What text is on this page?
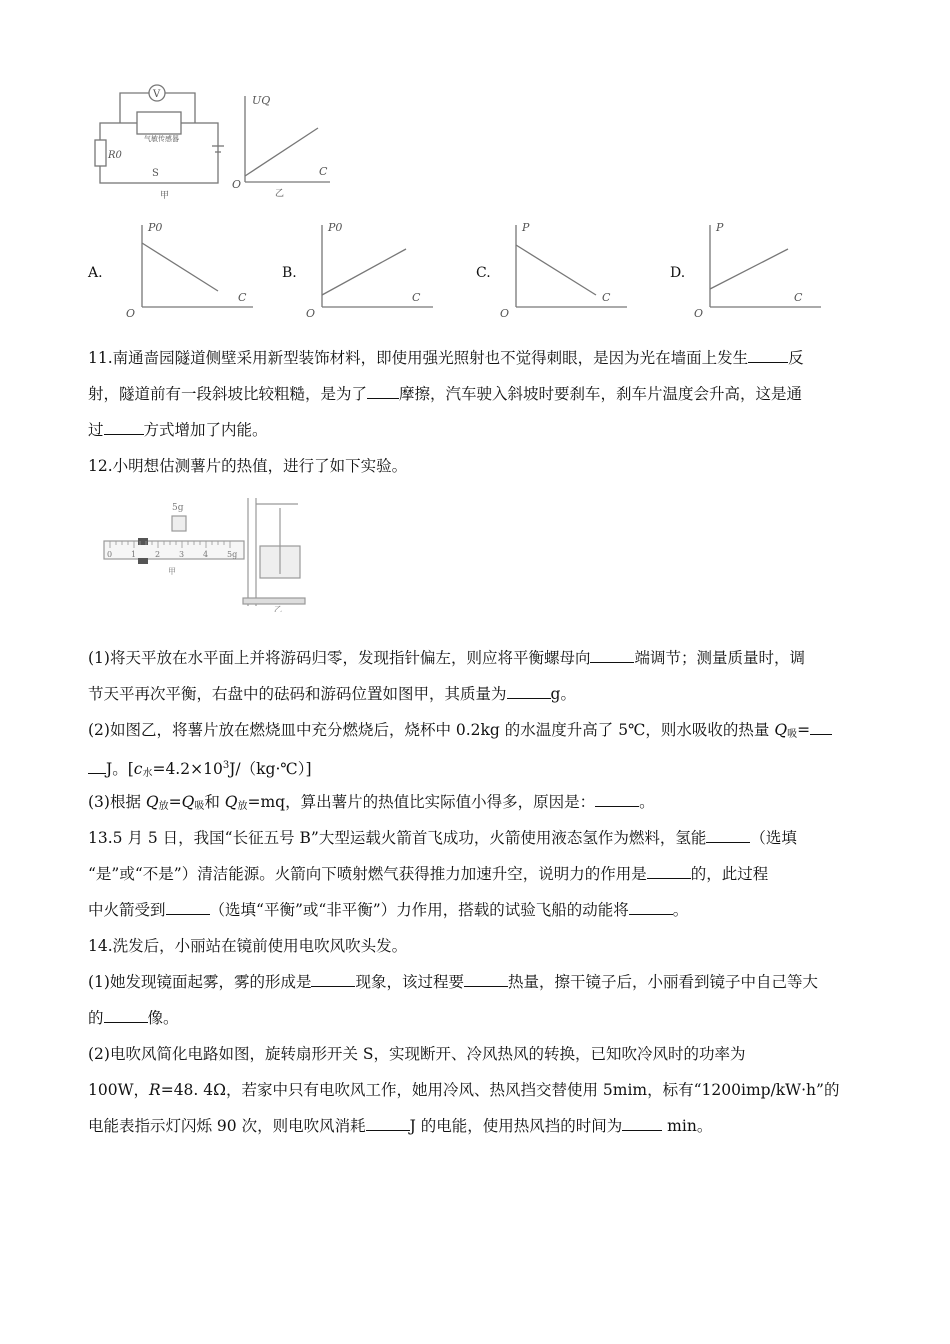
V
气敏传感器
R0
S
甲
UQ
C
O
乙
A.
P0
C
O
B.
P0
C
O
C.
P
C
O
D.
P
C
O
11.南通啬园隧道侧壁采用新型装饰材料，即使用强光照射也不觉得刺眼，是因为光在墙面上发生	反
射，隧道前有一段斜坡比较粗糙，是为了 摩擦，汽车驶入斜坡时要刹车，刹车片温度会升高，这是通
过	方式增加了内能。
12.小明想估测薯片的热值，进行了如下实验。
5g
0 1 2 3 4 5g
甲
乙
(1)将天平放在水平面上并将游码归零，发现指针偏左，则应将平衡螺母向	端调节；测量质量时，调
节天平再次平衡，右盘中的砝码和游码位置如图甲，其质量为	g。
(2)如图乙，将薯片放在燃烧皿中充分燃烧后，烧杯中 0.2kg 的水温度升高了 5℃，则水吸收的热量 $Q_吸=$
J。$[c_水=4.2\times 10^3J/(kg\cdot℃)]$
(3)根据 $Q_放=Q_吸$和 $Q_放=mq$，算出薯片的热值比实际值小得多，原因是：	。
13.5 月 5 日，我国“长征五号 B”大型运载火箭首飞成功，火箭使用液态氢作为燃料，氢能	（选填
“是”或“不是”）清洁能源。火箭向下喷射燃气获得推力加速升空，说明力的作用是	的，此过程
中火箭受到	（选填“平衡”或“非平衡”）力作用，搭载的试验飞船的动能将	。
14.洗发后，小丽站在镜前使用电吹风吹头发。
(1)她发现镜面起雾，雾的形成是	现象，该过程要	热量，擦干镜子后，小丽看到镜子中自己等大
的	像。
(2)电吹风简化电路如图，旋转扇形开关 S，实现断开、冷风热风的转换，已知吹冷风时的功率为
100W，R=48. 4Ω，若家中只有电吹风工作，她用冷风、热风挡交替使用 5mim，标有“1200imp/kW·h”的
电能表指示灯闪烁 90 次，则电吹风消耗	J 的电能，使用热风挡的时间为	min。
